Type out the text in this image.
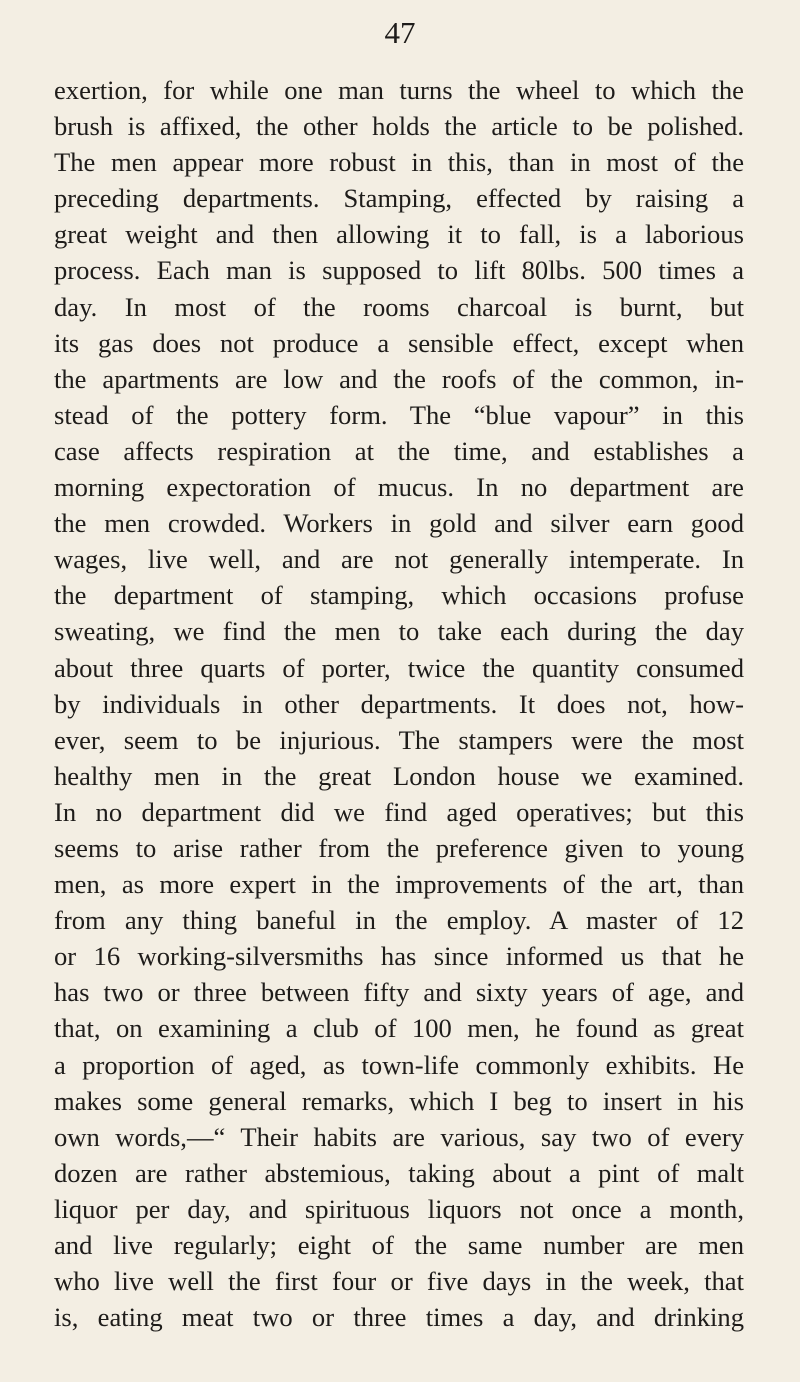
47
exertion, for while one man turns the wheel to which the
brush is affixed, the other holds the article to be polished.
The men appear more robust in this, than in most of the
preceding departments. Stamping, effected by raising a
great weight and then allowing it to fall, is a laborious
process. Each man is supposed to lift 80lbs. 500 times a
day. In most of the rooms charcoal is burnt, but
its gas does not produce a sensible effect, except when
the apartments are low and the roofs of the common, in-
stead of the pottery form. The “blue vapour” in this
case affects respiration at the time, and establishes a
morning expectoration of mucus. In no department are
the men crowded. Workers in gold and silver earn good
wages, live well, and are not generally intemperate. In
the department of stamping, which occasions profuse
sweating, we find the men to take each during the day
about three quarts of porter, twice the quantity consumed
by individuals in other departments. It does not, how-
ever, seem to be injurious. The stampers were the most
healthy men in the great London house we examined.
In no department did we find aged operatives; but this
seems to arise rather from the preference given to young
men, as more expert in the improvements of the art, than
from any thing baneful in the employ. A master of 12
or 16 working-silversmiths has since informed us that he
has two or three between fifty and sixty years of age, and
that, on examining a club of 100 men, he found as great
a proportion of aged, as town-life commonly exhibits. He
makes some general remarks, which I beg to insert in his
own words,—“ Their habits are various, say two of every
dozen are rather abstemious, taking about a pint of malt
liquor per day, and spirituous liquors not once a month,
and live regularly; eight of the same number are men
who live well the first four or five days in the week, that
is, eating meat two or three times a day, and drinking
